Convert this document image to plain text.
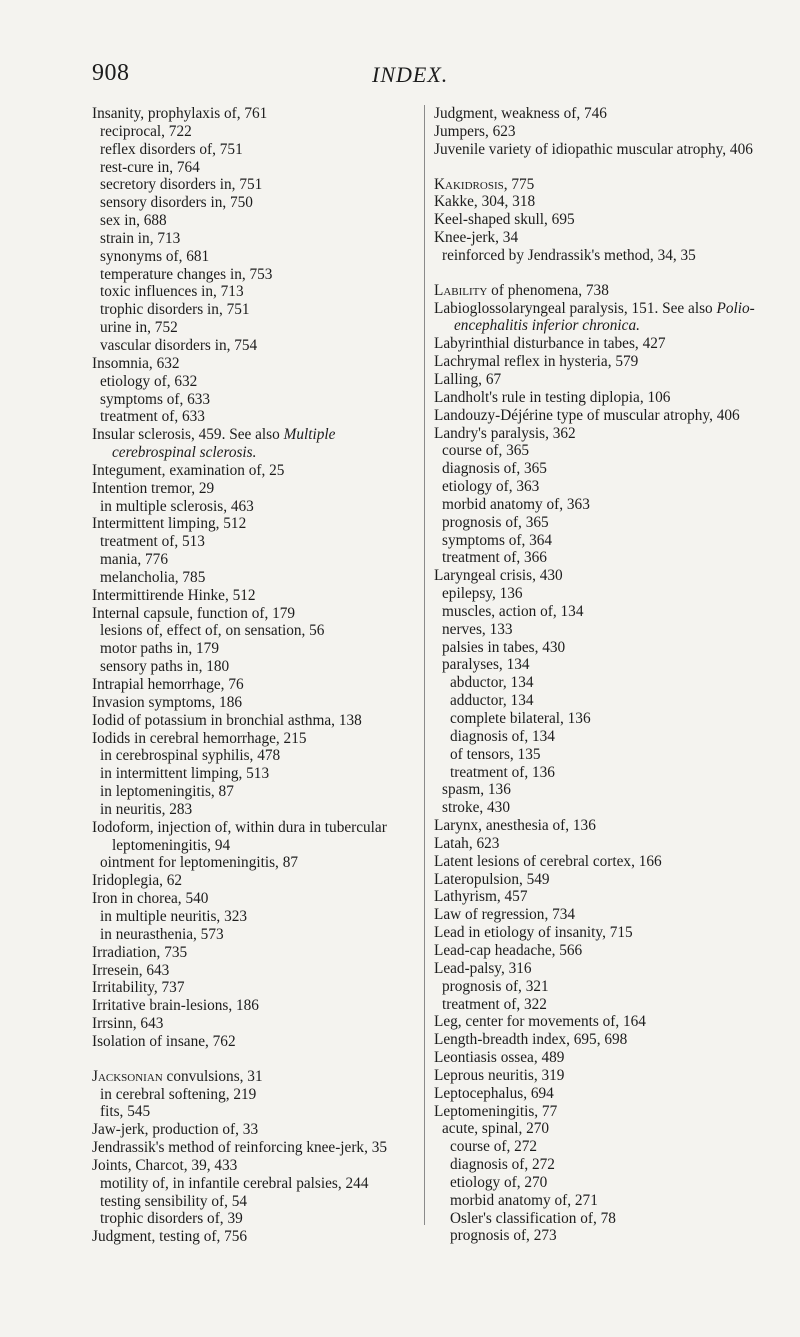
908	INDEX.
Insanity, prophylaxis of, 761
reciprocal, 722
reflex disorders of, 751
rest-cure in, 764
secretory disorders in, 751
sensory disorders in, 750
sex in, 688
strain in, 713
synonyms of, 681
temperature changes in, 753
toxic influences in, 713
trophic disorders in, 751
urine in, 752
vascular disorders in, 754
Insomnia, 632
etiology of, 632
symptoms of, 633
treatment of, 633
Insular sclerosis, 459. See also Multiple cerebrospinal sclerosis.
Integument, examination of, 25
Intention tremor, 29
in multiple sclerosis, 463
Intermittent limping, 512
treatment of, 513
mania, 776
melancholia, 785
Intermittirende Hinke, 512
Internal capsule, function of, 179
lesions of, effect of, on sensation, 56
motor paths in, 179
sensory paths in, 180
Intrapial hemorrhage, 76
Invasion symptoms, 186
Iodid of potassium in bronchial asthma, 138
Iodids in cerebral hemorrhage, 215
in cerebrospinal syphilis, 478
in intermittent limping, 513
in leptomeningitis, 87
in neuritis, 283
Iodoform, injection of, within dura in tubercular leptomeningitis, 94
ointment for leptomeningitis, 87
Iridoplegia, 62
Iron in chorea, 540
in multiple neuritis, 323
in neurasthenia, 573
Irradiation, 735
Irresein, 643
Irritability, 737
Irritative brain-lesions, 186
Irrsinn, 643
Isolation of insane, 762
Jacksonian convulsions, 31
in cerebral softening, 219
fits, 545
Jaw-jerk, production of, 33
Jendrassik's method of reinforcing knee-jerk, 35
Joints, Charcot, 39, 433
motility of, in infantile cerebral palsies, 244
testing sensibility of, 54
trophic disorders of, 39
Judgment, testing of, 756
Judgment, weakness of, 746
Jumpers, 623
Juvenile variety of idiopathic muscular atrophy, 406
Kakidrosis, 775
Kakke, 304, 318
Keel-shaped skull, 695
Knee-jerk, 34
reinforced by Jendrassik's method, 34, 35
Lability of phenomena, 738
Labioglossolaryngeal paralysis, 151. See also Polio-encephalitis inferior chronica.
Labyrinthial disturbance in tabes, 427
Lachrymal reflex in hysteria, 579
Lalling, 67
Landholt's rule in testing diplopia, 106
Landouzy-Déjérine type of muscular atrophy, 406
Landry's paralysis, 362
course of, 365
diagnosis of, 365
etiology of, 363
morbid anatomy of, 363
prognosis of, 365
symptoms of, 364
treatment of, 366
Laryngeal crisis, 430
epilepsy, 136
muscles, action of, 134
nerves, 133
palsies in tabes, 430
paralyses, 134
abductor, 134
adductor, 134
complete bilateral, 136
diagnosis of, 134
of tensors, 135
treatment of, 136
spasm, 136
stroke, 430
Larynx, anesthesia of, 136
Latah, 623
Latent lesions of cerebral cortex, 166
Lateropulsion, 549
Lathyrism, 457
Law of regression, 734
Lead in etiology of insanity, 715
Lead-cap headache, 566
Lead-palsy, 316
prognosis of, 321
treatment of, 322
Leg, center for movements of, 164
Length-breadth index, 695, 698
Leontiasis ossea, 489
Leprous neuritis, 319
Leptocephalus, 694
Leptomeningitis, 77
acute, spinal, 270
course of, 272
diagnosis of, 272
etiology of, 270
morbid anatomy of, 271
Osler's classification of, 78
prognosis of, 273
